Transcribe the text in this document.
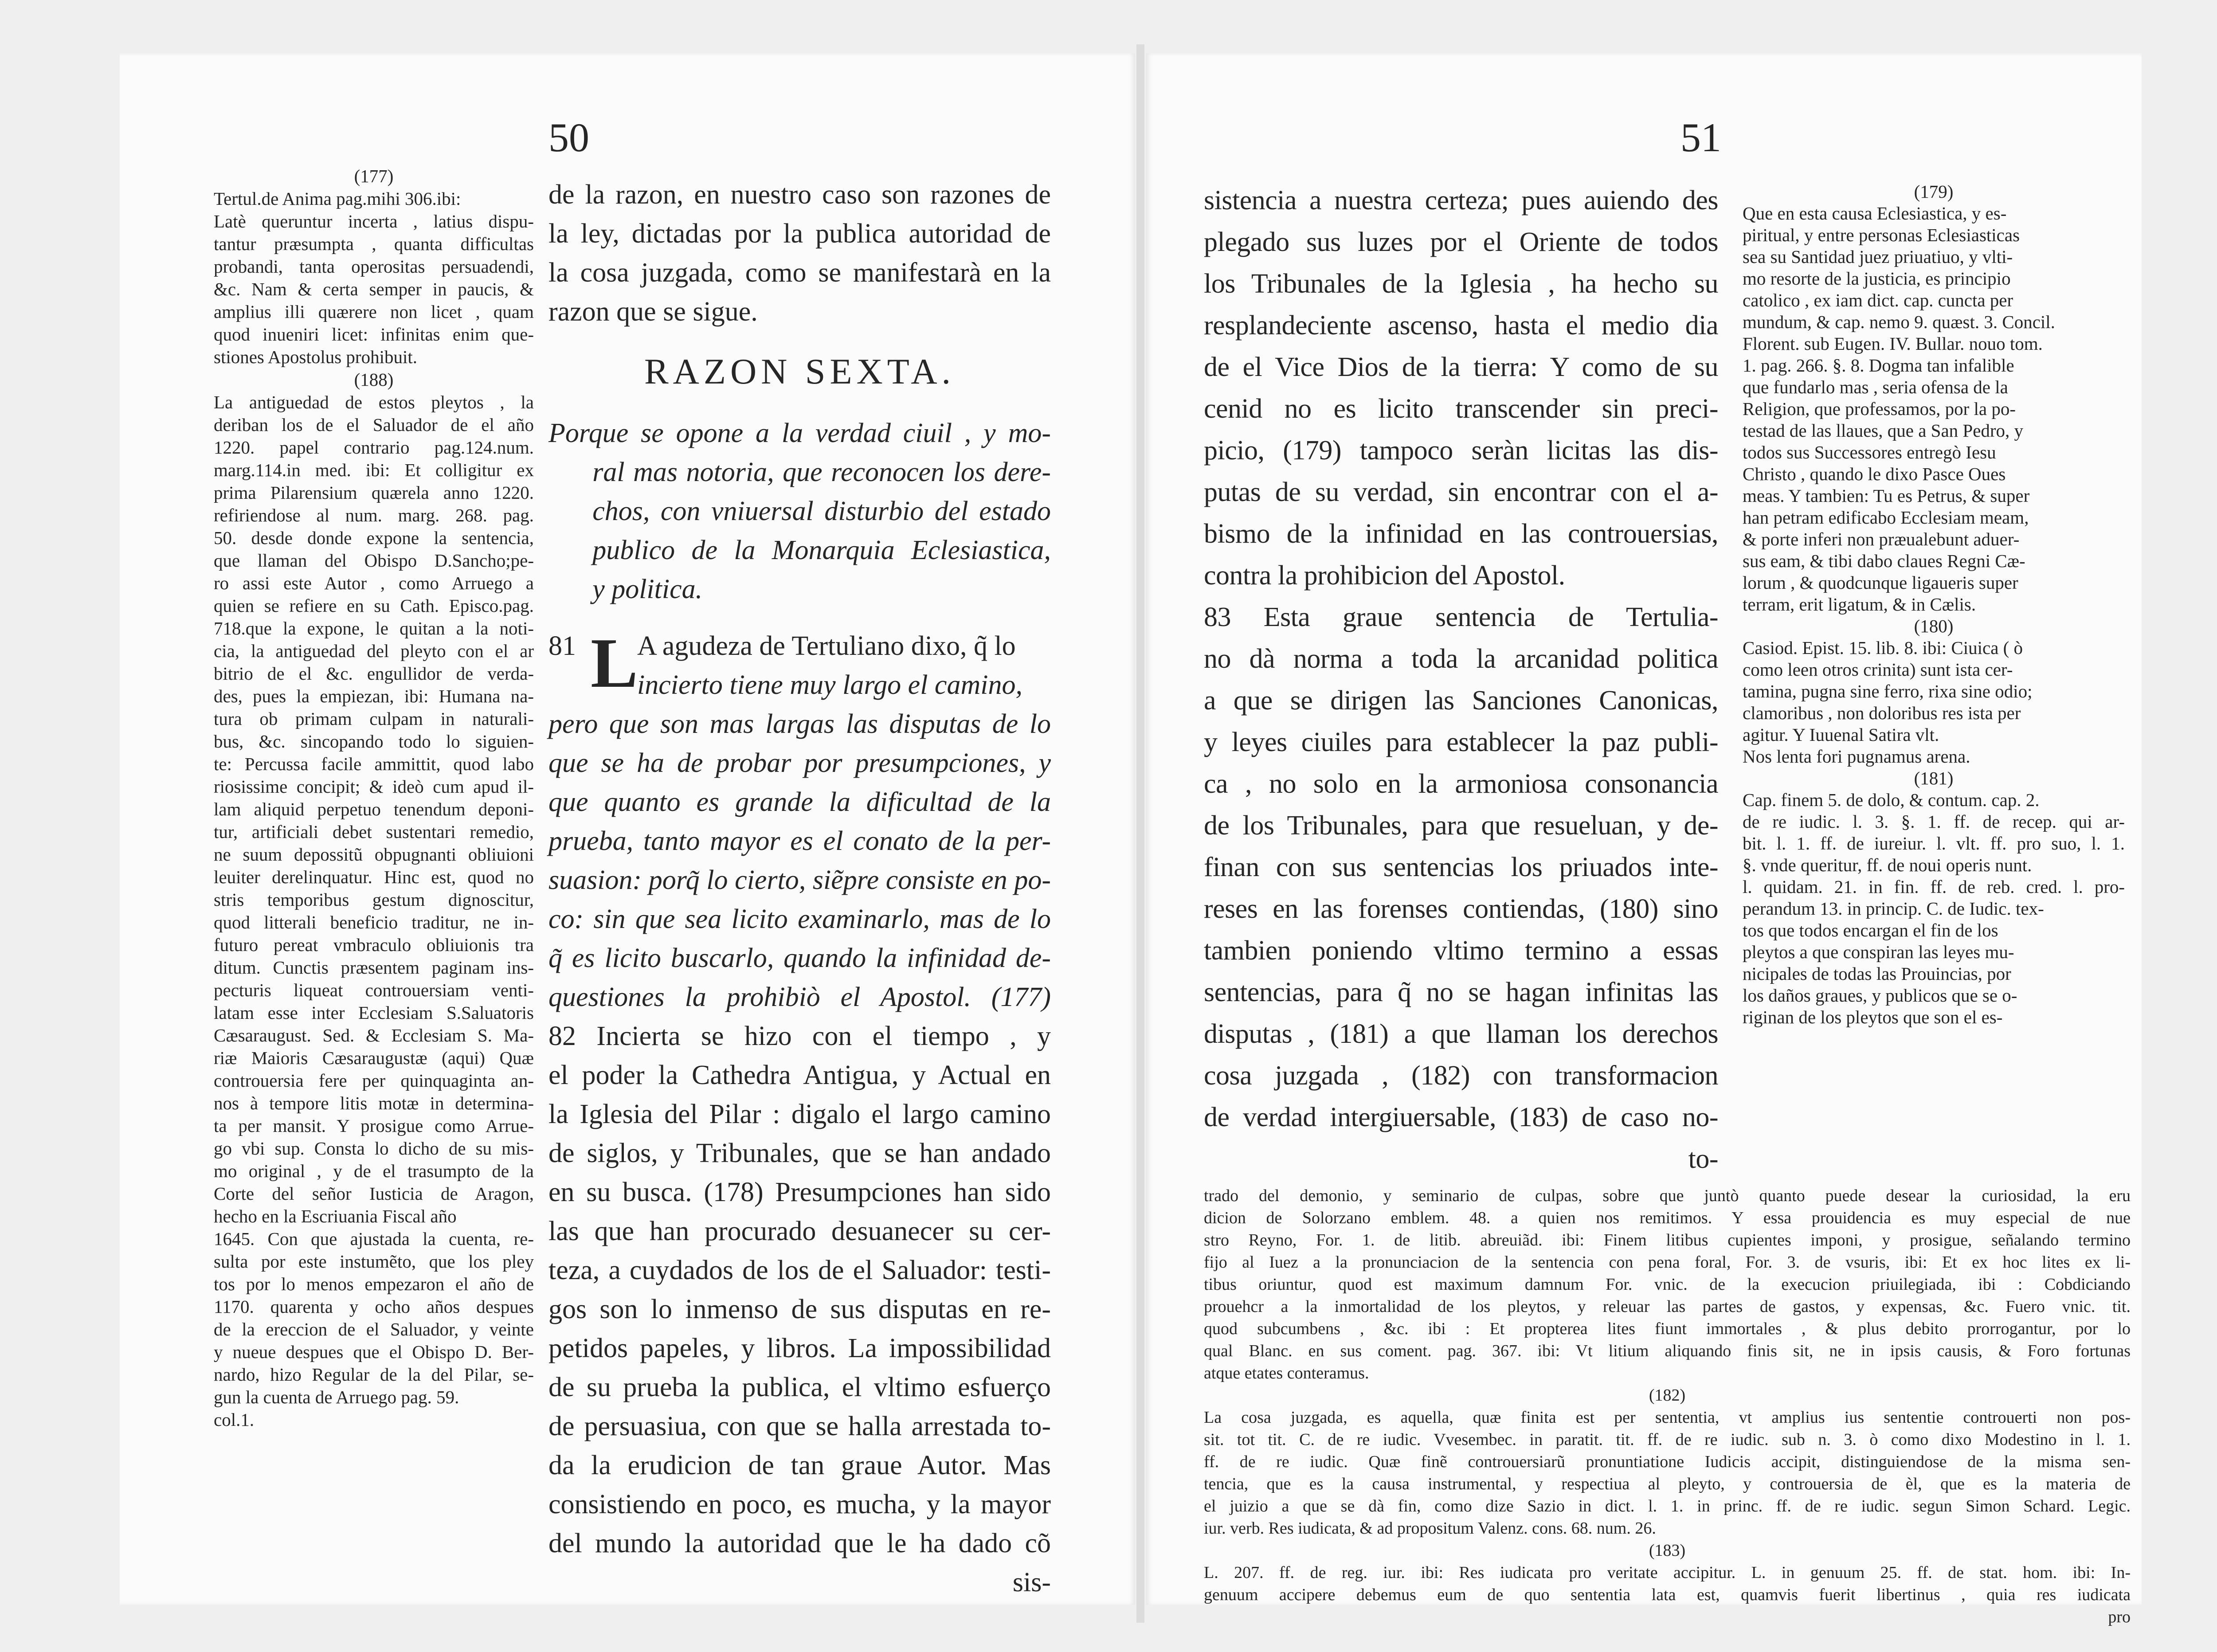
50	51
(177)
Tertul.de Anima pag.mihi 306.ibi:
Latè queruntur incerta , latius dispu-
tantur præsumpta , quanta difficultas
probandi, tanta operositas persuadendi,
&c. Nam & certa semper in paucis, &
amplius illi quærere non licet , quam
quod inueniri licet: infinitas enim que-
stiones Apostolus prohibuit.
(188)
La antiguedad de estos pleytos , la
deriban los de el Saluador de el año
1220. papel contrario pag.124.num.
marg.114.in med. ibi: Et colligitur ex
prima Pilarensium quærela anno 1220.
refiriendose al num. marg. 268. pag.
50. desde donde expone la sentencia,
que llaman del Obispo D.Sancho;pe-
ro assi este Autor , como Arruego a
quien se refiere en su Cath. Episco.pag.
718.que la expone, le quitan a la noti-
cia, la antiguedad del pleyto con el ar
bitrio de el &c. engullidor de verda-
des, pues la empiezan, ibi: Humana na-
tura ob primam culpam in naturali-
bus, &c. sincopando todo lo siguien-
te: Percussa facile ammittit, quod labo
riosissime concipit; & ideò cum apud il-
lam aliquid perpetuo tenendum deponi-
tur, artificiali debet sustentari remedio,
ne suum depossitũ obpugnanti obliuioni
leuiter derelinquatur. Hinc est, quod no
stris temporibus gestum dignoscitur,
quod litterali beneficio traditur, ne in-
futuro pereat vmbraculo obliuionis tra
ditum. Cunctis præsentem paginam ins-
pecturis liqueat controuersiam venti-
latam esse inter Ecclesiam S.Saluatoris
Cæsaraugust. Sed. & Ecclesiam S. Ma-
riæ Maioris Cæsaraugustæ (aqui) Quæ
controuersia fere per quinquaginta an-
nos à tempore litis motæ in determina-
ta per mansit. Y prosigue como Arrue-
go vbi sup. Consta lo dicho de su mis-
mo original , y de el trasumpto de la
Corte del señor Iusticia de Aragon,
hecho en la Escriuania Fiscal año
1645. Con que ajustada la cuenta, re-
sulta por este instumẽto, que los pley
tos por lo menos empezaron el año de
1170. quarenta y ocho años despues
de la ereccion de el Saluador, y veinte
y nueue despues que el Obispo D. Ber-
nardo, hizo Regular de la del Pilar, se-
gun la cuenta de Arruego pag. 59.
col.1.
de la razon, en nuestro caso son razones de
la ley, dictadas por la publica autoridad de
la cosa juzgada, como se manifestarà en la
razon que se sigue.
RAZON SEXTA.
Porque se opone a la verdad ciuil , y mo-
ral mas notoria, que reconocen los dere-
chos, con vniuersal disturbio del estado
publico de la Monarquia Eclesiastica,
y politica.
81 L
A agudeza de Tertuliano dixo, q̃ lo
incierto tiene muy largo el camino,
pero que son mas largas las disputas de lo
que se ha de probar por presumpciones, y
que quanto es grande la dificultad de la
prueba, tanto mayor es el conato de la per-
suasion: porq̃ lo cierto, siẽpre consiste en po-
co: sin que sea licito examinarlo, mas de lo
q̃ es licito buscarlo, quando la infinidad de-
questiones la prohibiò el Apostol. (177)
82 Incierta se hizo con el tiempo , y
el poder la Cathedra Antigua, y Actual en
la Iglesia del Pilar : digalo el largo camino
de siglos, y Tribunales, que se han andado
en su busca. (178) Presumpciones han sido
las que han procurado desuanecer su cer-
teza, a cuydados de los de el Saluador: testi-
gos son lo inmenso de sus disputas en re-
petidos papeles, y libros. La impossibilidad
de su prueba la publica, el vltimo esfuerço
de persuasiua, con que se halla arrestada to-
da la erudicion de tan graue Autor. Mas
consistiendo en poco, es mucha, y la mayor
del mundo la autoridad que le ha dado cõ
sis-
sistencia a nuestra certeza; pues auiendo des
plegado sus luzes por el Oriente de todos
los Tribunales de la Iglesia , ha hecho su
resplandeciente ascenso, hasta el medio dia
de el Vice Dios de la tierra: Y como de su
cenid no es licito transcender sin preci-
picio, (179) tampoco seràn licitas las dis-
putas de su verdad, sin encontrar con el a-
bismo de la infinidad en las controuersias,
contra la prohibicion del Apostol.
83 Esta graue sentencia de Tertulia-
no dà norma a toda la arcanidad politica
a que se dirigen las Sanciones Canonicas,
y leyes ciuiles para establecer la paz publi-
ca , no solo en la armoniosa consonancia
de los Tribunales, para que resueluan, y de-
finan con sus sentencias los priuados inte-
reses en las forenses contiendas, (180) sino
tambien poniendo vltimo termino a essas
sentencias, para q̃ no se hagan infinitas las
disputas , (181) a que llaman los derechos
cosa juzgada , (182) con transformacion
de verdad intergiuersable, (183) de caso no-
to-
(179)
Que en esta causa Eclesiastica, y es-
piritual, y entre personas Eclesiasticas
sea su Santidad juez priuatiuo, y vlti-
mo resorte de la justicia, es principio
catolico , ex iam dict. cap. cuncta per
mundum, & cap. nemo 9. quæst. 3. Concil.
Florent. sub Eugen. IV. Bullar. nouo tom.
1. pag. 266. §. 8. Dogma tan infalible
que fundarlo mas , seria ofensa de la
Religion, que professamos, por la po-
testad de las llaues, que a San Pedro, y
todos sus Successores entregò Iesu
Christo , quando le dixo Pasce Oues
meas. Y tambien: Tu es Petrus, & super
han petram edificabo Ecclesiam meam,
& porte inferi non præualebunt aduer-
sus eam, & tibi dabo claues Regni Cæ-
lorum , & quodcunque ligaueris super
terram, erit ligatum, & in Cælis.
(180)
Casiod. Epist. 15. lib. 8. ibi: Ciuica ( ò
como leen otros crinita) sunt ista cer-
tamina, pugna sine ferro, rixa sine odio;
clamoribus , non doloribus res ista per
agitur. Y Iuuenal Satira vlt.
Nos lenta fori pugnamus arena.
(181)
Cap. finem 5. de dolo, & contum. cap. 2.
de re iudic. l. 3. §. 1. ff. de recep. qui ar-
bit. l. 1. ff. de iureiur. l. vlt. ff. pro suo, l. 1.
§. vnde queritur, ff. de noui operis nunt.
l. quidam. 21. in fin. ff. de reb. cred. l. pro-
perandum 13. in princip. C. de Iudic. tex-
tos que todos encargan el fin de los
pleytos a que conspiran las leyes mu-
nicipales de todas las Prouincias, por
los daños graues, y publicos que se o-
riginan de los pleytos que son el es-
trado del demonio, y seminario de culpas, sobre que juntò quanto puede desear la curiosidad, la eru
dicion de Solorzano emblem. 48. a quien nos remitimos. Y essa prouidencia es muy especial de nue
stro Reyno, For. 1. de litib. abreuiãd. ibi: Finem litibus cupientes imponi, y prosigue, señalando termino
fijo al Iuez a la pronunciacion de la sentencia con pena foral, For. 3. de vsuris, ibi: Et ex hoc lites ex li-
tibus oriuntur, quod est maximum damnum For. vnic. de la execucion priuilegiada, ibi : Cobdiciando
prouehcr a la inmortalidad de los pleytos, y releuar las partes de gastos, y expensas, &c. Fuero vnic. tit.
quod subcumbens , &c. ibi : Et propterea lites fiunt immortales , & plus debito prorrogantur, por lo
qual Blanc. en sus coment. pag. 367. ibi: Vt litium aliquando finis sit, ne in ipsis causis, & Foro fortunas
atque etates conteramus.
(182)
La cosa juzgada, es aquella, quæ finita est per sententia, vt amplius ius sententie controuerti non pos-
sit. tot tit. C. de re iudic. Vvesembec. in paratit. tit. ff. de re iudic. sub n. 3. ò como dixo Modestino in l. 1.
ff. de re iudic. Quæ finẽ controuersiarũ pronuntiatione Iudicis accipit, distinguiendose de la misma sen-
tencia, que es la causa instrumental, y respectiua al pleyto, y controuersia de èl, que es la materia de
el juizio a que se dà fin, como dize Sazio in dict. l. 1. in princ. ff. de re iudic. segun Simon Schard. Legic.
iur. verb. Res iudicata, & ad propositum Valenz. cons. 68. num. 26.
(183)
L. 207. ff. de reg. iur. ibi: Res iudicata pro veritate accipitur. L. in genuum 25. ff. de stat. hom. ibi: In-
genuum accipere debemus eum de quo sententia lata est, quamvis fuerit libertinus , quia res iudicata
pro
